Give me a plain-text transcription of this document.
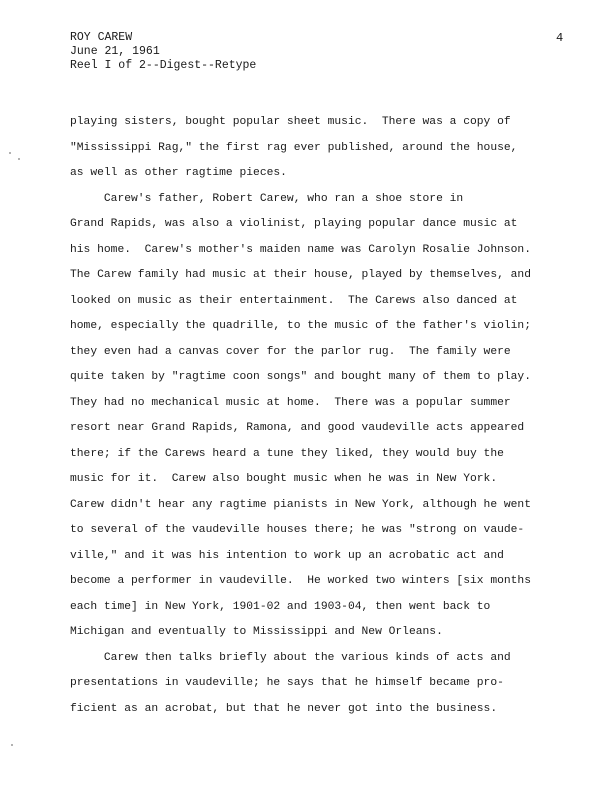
ROY CAREW
June 21, 1961
Reel I of 2--Digest--Retype
4
playing sisters, bought popular sheet music.  There was a copy of
"Mississippi Rag," the first rag ever published, around the house,
as well as other ragtime pieces.
Carew's father, Robert Carew, who ran a shoe store in
Grand Rapids, was also a violinist, playing popular dance music at
his home.  Carew's mother's maiden name was Carolyn Rosalie Johnson.
The Carew family had music at their house, played by themselves, and
looked on music as their entertainment.  The Carews also danced at
home, especially the quadrille, to the music of the father's violin;
they even had a canvas cover for the parlor rug.  The family were
quite taken by "ragtime coon songs" and bought many of them to play.
They had no mechanical music at home.  There was a popular summer
resort near Grand Rapids, Ramona, and good vaudeville acts appeared
there; if the Carews heard a tune they liked, they would buy the
music for it.  Carew also bought music when he was in New York.
Carew didn't hear any ragtime pianists in New York, although he went
to several of the vaudeville houses there; he was "strong on vaude-
ville," and it was his intention to work up an acrobatic act and
become a performer in vaudeville.  He worked two winters [six months
each time] in New York, 1901-02 and 1903-04, then went back to
Michigan and eventually to Mississippi and New Orleans.
Carew then talks briefly about the various kinds of acts and
presentations in vaudeville; he says that he himself became pro-
ficient as an acrobat, but that he never got into the business.
